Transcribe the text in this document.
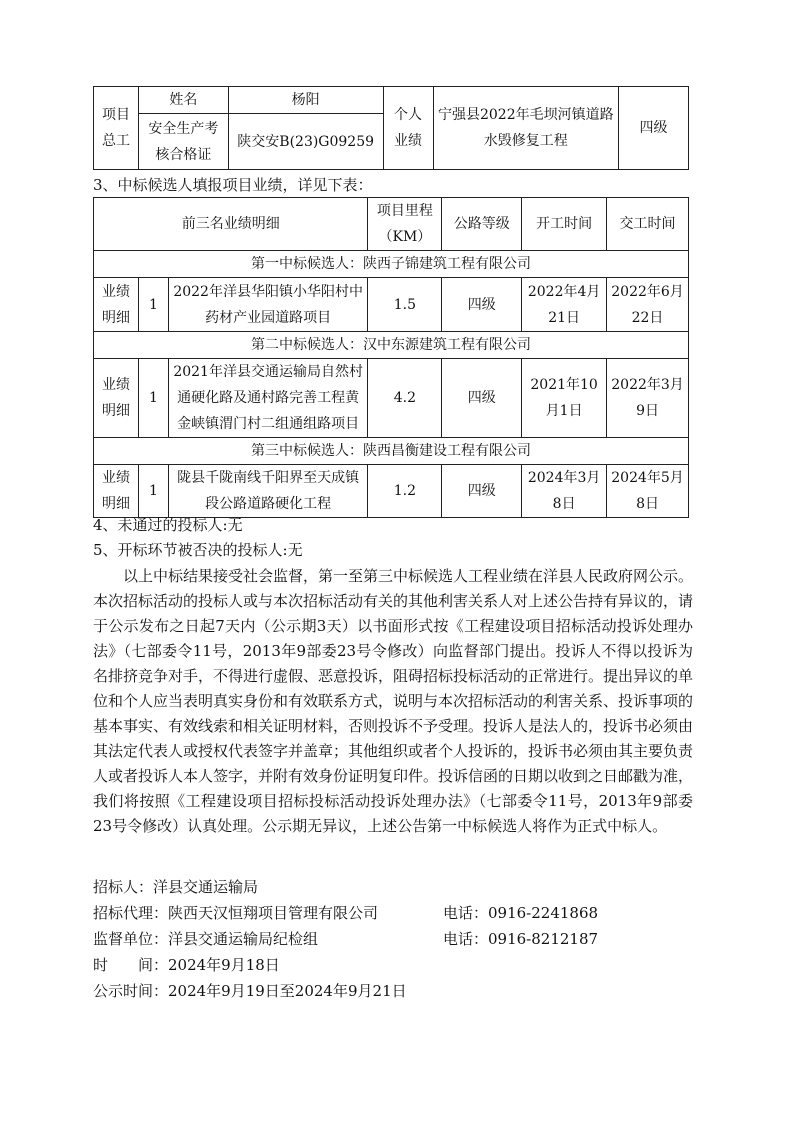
项目总工	姓名	杨阳	个人业绩	宁强县2022年毛坝河镇道路水毁修复工程	四级
	安全生产考核合格证	陕交安B(23)G09259			
3、中标候选人填报项目业绩，详见下表：
前三名业绩明细			项目里程（KM）	公路等级	开工时间	交工时间
第一中标候选人：陕西子锦建筑工程有限公司						
业绩明细	1	2022年洋县华阳镇小华阳村中药材产业园道路项目	1.5	四级	2022年4月21日	2022年6月22日
第二中标候选人：汉中东源建筑工程有限公司						
业绩明细	1	2021年洋县交通运输局自然村通硬化路及通村路完善工程黄金峡镇渭门村二组通组路项目	4.2	四级	2021年10月1日	2022年3月9日
第三中标候选人：陕西昌衡建设工程有限公司						
业绩明细	1	陇县千陇南线千阳界至天成镇段公路道路硬化工程	1.2	四级	2024年3月8日	2024年5月8日
4、未通过的投标人:无
5、开标环节被否决的投标人:无
以上中标结果接受社会监督，第一至第三中标候选人工程业绩在洋县人民政府网公示。本次招标活动的投标人或与本次招标活动有关的其他利害关系人对上述公告持有异议的，请于公示发布之日起7天内（公示期3天）以书面形式按《工程建设项目招标活动投诉处理办法》（七部委令11号，2013年9部委23号令修改）向监督部门提出。投诉人不得以投诉为名排挤竞争对手，不得进行虚假、恶意投诉，阻碍招标投标活动的正常进行。提出异议的单位和个人应当表明真实身份和有效联系方式，说明与本次招标活动的利害关系、投诉事项的基本事实、有效线索和相关证明材料，否则投诉不予受理。投诉人是法人的，投诉书必须由其法定代表人或授权代表签字并盖章；其他组织或者个人投诉的，投诉书必须由其主要负责人或者投诉人本人签字，并附有效身份证明复印件。投诉信函的日期以收到之日邮戳为准，我们将按照《工程建设项目招标投标活动投诉处理办法》（七部委令11号，2013年9部委23号令修改）认真处理。公示期无异议，上述公告第一中标候选人将作为正式中标人。
招标人：洋县交通运输局
招标代理：陕西天汉恒翔项目管理有限公司	电话：0916-2241868
监督单位：洋县交通运输局纪检组	电话：0916-8212187
时　　间：2024年9月18日
公示时间：2024年9月19日至2024年9月21日
